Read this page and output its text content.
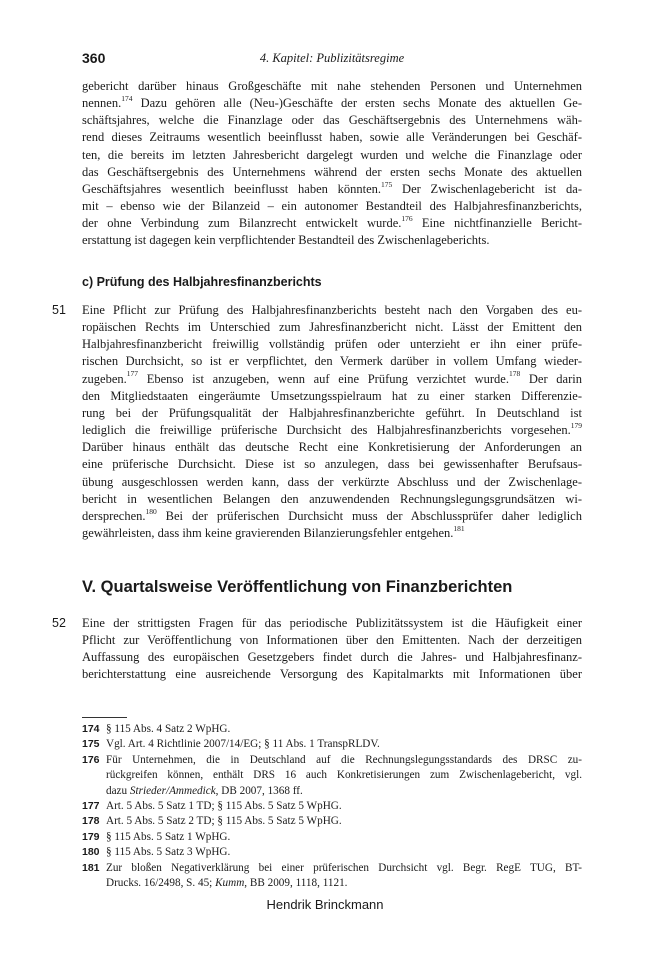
360	4. Kapitel: Publizitätsregime
gebericht darüber hinaus Großgeschäfte mit nahe stehenden Personen und Unternehmen
nennen.$^{174}$ Dazu gehören alle (Neu-)Geschäfte der ersten sechs Monate des aktuellen Ge-
schäftsjahres, welche die Finanzlage oder das Geschäftsergebnis des Unternehmens wäh-
rend dieses Zeitraums wesentlich beeinflusst haben, sowie alle Veränderungen bei Geschäf-
ten, die bereits im letzten Jahresbericht dargelegt wurden und welche die Finanzlage oder
das Geschäftsergebnis des Unternehmens während der ersten sechs Monate des aktuellen
Geschäftsjahres wesentlich beeinflusst haben könnten.$^{175}$ Der Zwischenlagebericht ist da-
mit – ebenso wie der Bilanzeid – ein autonomer Bestandteil des Halbjahresfinanzberichts,
der ohne Verbindung zum Bilanzrecht entwickelt wurde.$^{176}$ Eine nichtfinanzielle Bericht-
erstattung ist dagegen kein verpflichtender Bestandteil des Zwischenlageberichts.
c) Prüfung des Halbjahresfinanzberichts
51 Eine Pflicht zur Prüfung des Halbjahresfinanzberichts besteht nach den Vorgaben des eu-
ropäischen Rechts im Unterschied zum Jahresfinanzbericht nicht. Lässt der Emittent den
Halbjahresfinanzbericht freiwillig vollständig prüfen oder unterzieht er ihn einer prüfe-
rischen Durchsicht, so ist er verpflichtet, den Vermerk darüber in vollem Umfang wieder-
zugeben.$^{177}$ Ebenso ist anzugeben, wenn auf eine Prüfung verzichtet wurde.$^{178}$ Der darin
den Mitgliedstaaten eingeräumte Umsetzungsspielraum hat zu einer starken Differenzie-
rung bei der Prüfungsqualität der Halbjahresfinanzberichte geführt. In Deutschland ist
lediglich die freiwillige prüferische Durchsicht des Halbjahresfinanzberichts vorgesehen.$^{179}$
Darüber hinaus enthält das deutsche Recht eine Konkretisierung der Anforderungen an
eine prüferische Durchsicht. Diese ist so anzulegen, dass bei gewissenhafter Berufsaus-
übung ausgeschlossen werden kann, dass der verkürzte Abschluss und der Zwischenlage-
bericht in wesentlichen Belangen den anzuwendenden Rechnungslegungsgrundsätzen wi-
dersprechen.$^{180}$ Bei der prüferischen Durchsicht muss der Abschlussprüfer daher lediglich
gewährleisten, dass ihm keine gravierenden Bilanzierungsfehler entgehen.$^{181}$
V. Quartalsweise Veröffentlichung von Finanzberichten
52 Eine der strittigsten Fragen für das periodische Publizitätssystem ist die Häufigkeit einer
Pflicht zur Veröffentlichung von Informationen über den Emittenten. Nach der derzeitigen
Auffassung des europäischen Gesetzgebers findet durch die Jahres- und Halbjahresfinanz-
berichterstattung eine ausreichende Versorgung des Kapitalmarkts mit Informationen über
174 § 115 Abs. 4 Satz 2 WpHG.
175 Vgl. Art. 4 Richtlinie 2007/14/EG; § 11 Abs. 1 TranspRLDV.
176 Für Unternehmen, die in Deutschland auf die Rechnungslegungsstandards des DRSC zu-
rückgreifen können, enthält DRS 16 auch Konkretisierungen zum Zwischenlagebericht, vgl.
dazu Strieder/Ammedick, DB 2007, 1368 ff.
177 Art. 5 Abs. 5 Satz 1 TD; § 115 Abs. 5 Satz 5 WpHG.
178 Art. 5 Abs. 5 Satz 2 TD; § 115 Abs. 5 Satz 5 WpHG.
179 § 115 Abs. 5 Satz 1 WpHG.
180 § 115 Abs. 5 Satz 3 WpHG.
181 Zur bloßen Negativerklärung bei einer prüferischen Durchsicht vgl. Begr. RegE TUG, BT-
Drucks. 16/2498, S. 45; Kumm, BB 2009, 1118, 1121.
Hendrik Brinckmann
